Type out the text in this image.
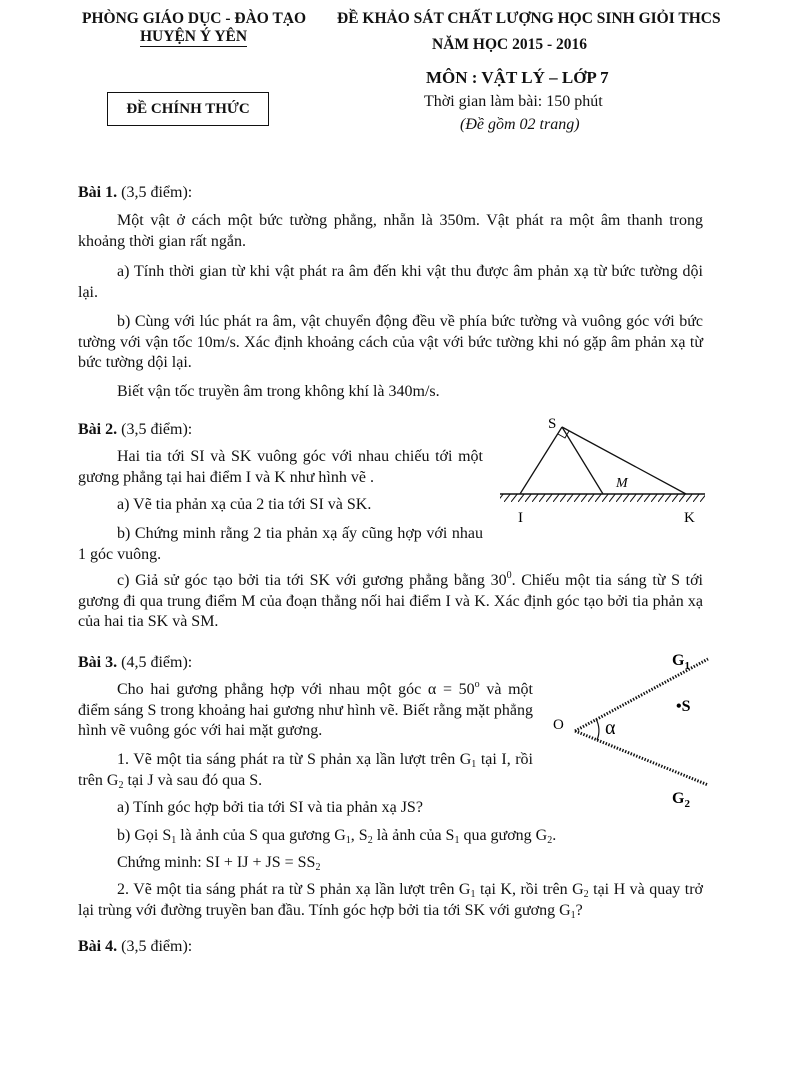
PHÒNG GIÁO DỤC - ĐÀO TẠO
HUYỆN Ý YÊN
ĐỀ KHẢO SÁT CHẤT LƯỢNG HỌC SINH GIỎI THCS
NĂM HỌC 2015 - 2016
MÔN : VẬT LÝ – LỚP 7
ĐỀ CHÍNH THỨC	Thời gian làm bài: 150 phút
(Đề gồm 02 trang)
Bài 1. (3,5 điểm):
Một vật ở cách một bức tường phẳng, nhẵn là 350m. Vật phát ra một âm thanh trong khoảng thời gian rất ngắn.
a) Tính thời gian từ khi vật phát ra âm đến khi vật thu được âm phản xạ từ bức tường dội lại.
b) Cùng với lúc phát ra âm, vật chuyển động đều về phía bức tường và vuông góc với bức tường với vận tốc 10m/s. Xác định khoảng cách của vật với bức tường khi nó gặp âm phản xạ từ bức tường dội lại.
Biết vận tốc truyền âm trong không khí là 340m/s.
Bài 2. (3,5 điểm):
Hai tia tới SI và SK vuông góc với nhau chiếu tới một gương phẳng tại hai điểm I và K như hình vẽ .
a) Vẽ tia phản xạ của 2 tia tới SI và SK.
b) Chứng minh rằng 2 tia phản xạ ấy cũng hợp với nhau 1 góc vuông.
c) Giả sử góc tạo bởi tia tới SK với gương phẳng bằng $30^0$. Chiếu một tia sáng từ S tới gương đi qua trung điểm M của đoạn thẳng nối hai điểm I và K. Xác định góc tạo bởi tia phản xạ của hai tia SK và SM.
S
M
I	K
Bài 3. (4,5 điểm):
Cho hai gương phẳng hợp với nhau một góc $\alpha = 50^o$ và một điểm sáng S trong khoảng hai gương như hình vẽ. Biết rằng mặt phẳng hình vẽ vuông góc với hai mặt gương.
1. Vẽ một tia sáng phát ra từ S phản xạ lần lượt trên $G_1$ tại I, rồi trên $G_2$ tại J và sau đó qua S.
a) Tính góc hợp bởi tia tới SI và tia phản xạ JS?
b) Gọi $S_1$ là ảnh của S qua gương $G_1$, $S_2$ là ảnh của $S_1$ qua gương $G_2$.
Chứng minh: SI + IJ + JS = $SS_2$
2. Vẽ một tia sáng phát ra từ S phản xạ lần lượt trên $G_1$ tại K, rồi trên $G_2$ tại H và quay trở lại trùng với đường truyền ban đầu. Tính góc hợp bởi tia tới SK với gương $G_1$?
$G_1$
$G_2$
O α
•S
Bài 4. (3,5 điểm):
